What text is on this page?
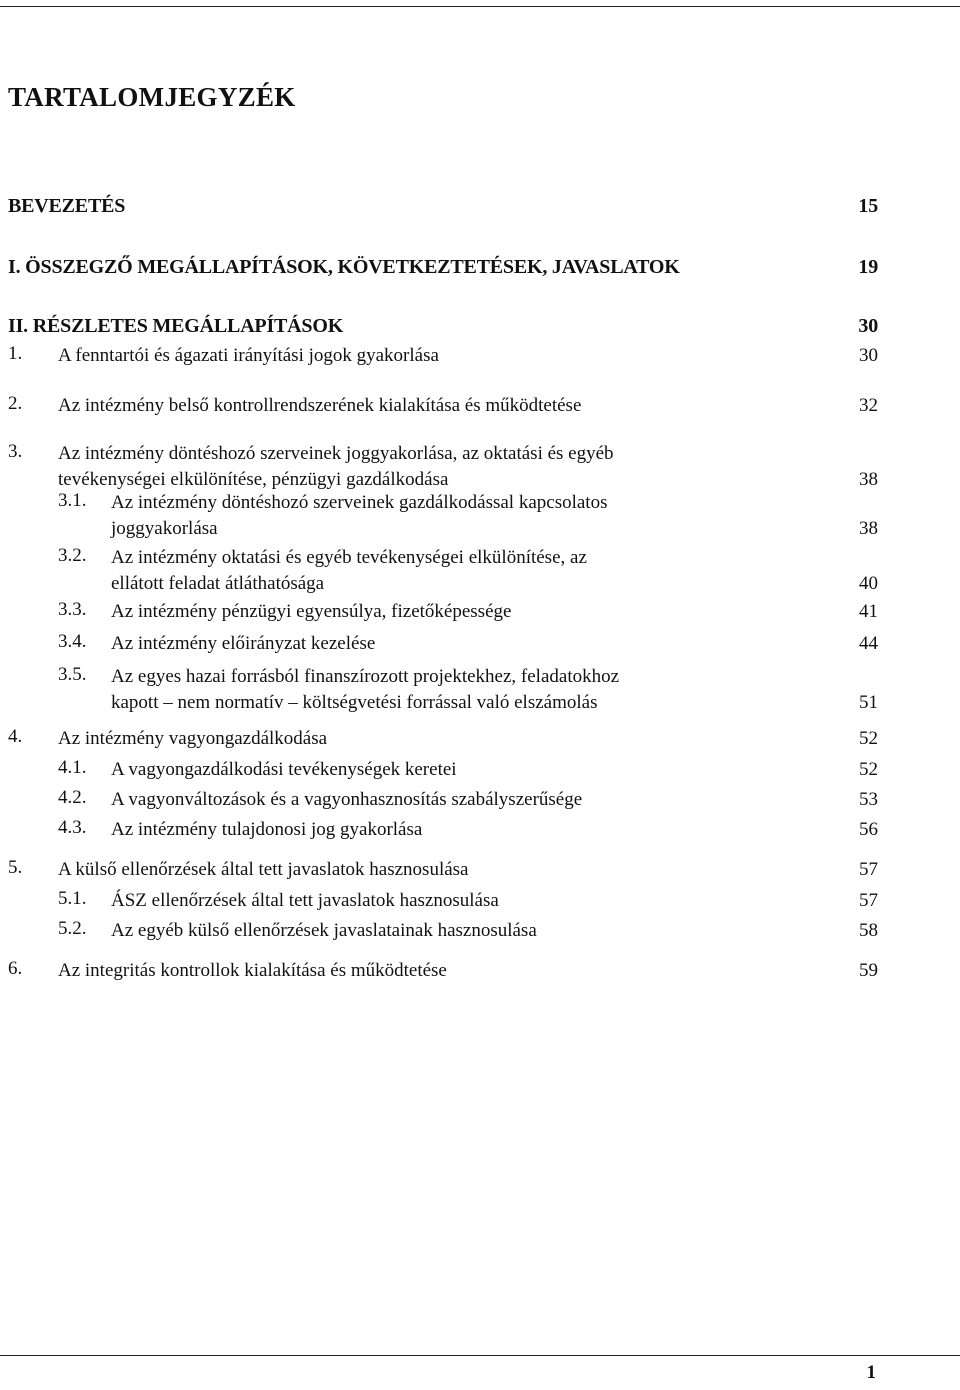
TARTALOMJEGYZÉK
BEVEZETÉS	15
I. ÖSSZEGZŐ MEGÁLLAPÍTÁSOK, KÖVETKEZTETÉSEK, JAVASLATOK	19
II. RÉSZLETES MEGÁLLAPÍTÁSOK	30
1. A fenntartói és ágazati irányítási jogok gyakorlása	30
2. Az intézmény belső kontrollrendszerének kialakítása és működtetése	32
3. Az intézmény döntéshozó szerveinek joggyakorlása, az oktatási és egyéb
tevékenységei elkülönítése, pénzügyi gazdálkodása	38
3.1. Az intézmény döntéshozó szerveinek gazdálkodással kapcsolatos
joggyakorlása	38
3.2. Az intézmény oktatási és egyéb tevékenységei elkülönítése, az
ellátott feladat átláthatósága	40
3.3. Az intézmény pénzügyi egyensúlya, fizetőképessége	41
3.4. Az intézmény előirányzat kezelése	44
3.5. Az egyes hazai forrásból finanszírozott projektekhez, feladatokhoz
kapott – nem normatív – költségvetési forrással való elszámolás	51
4. Az intézmény vagyongazdálkodása	52
4.1. A vagyongazdálkodási tevékenységek keretei	52
4.2. A vagyonváltozások és a vagyonhasznosítás szabályszerűsége	53
4.3. Az intézmény tulajdonosi jog gyakorlása	56
5. A külső ellenőrzések által tett javaslatok hasznosulása	57
5.1. ÁSZ ellenőrzések által tett javaslatok hasznosulása	57
5.2. Az egyéb külső ellenőrzések javaslatainak hasznosulása	58
6. Az integritás kontrollok kialakítása és működtetése	59
1
